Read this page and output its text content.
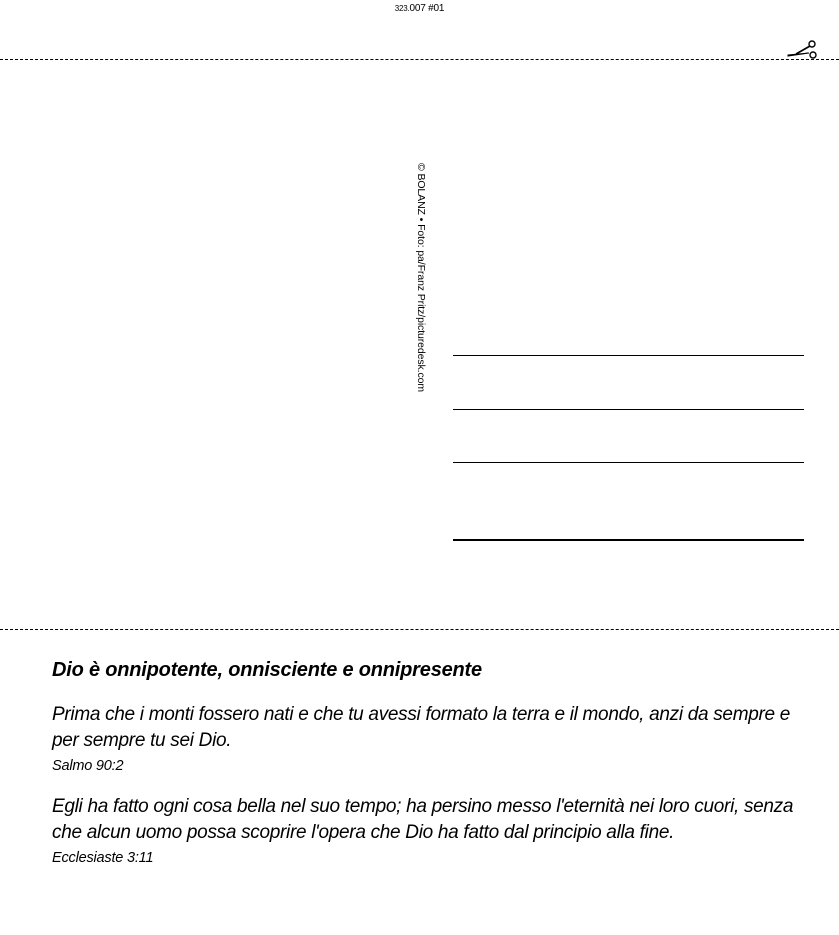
323.007 #01
© BOLANZ • Foto: pa/Franz Pritz/picturedesk.com
Dio è onnipotente, onnisciente e onnipresente
Prima che i monti fossero nati e che tu avessi formato la terra e il mondo, anzi da sempre e per sempre tu sei Dio.
Salmo 90:2
Egli ha fatto ogni cosa bella nel suo tempo; ha persino messo l'eternità nei loro cuori, senza che alcun uomo possa scoprire l'opera che Dio ha fatto dal principio alla fine.
Ecclesiaste 3:11
